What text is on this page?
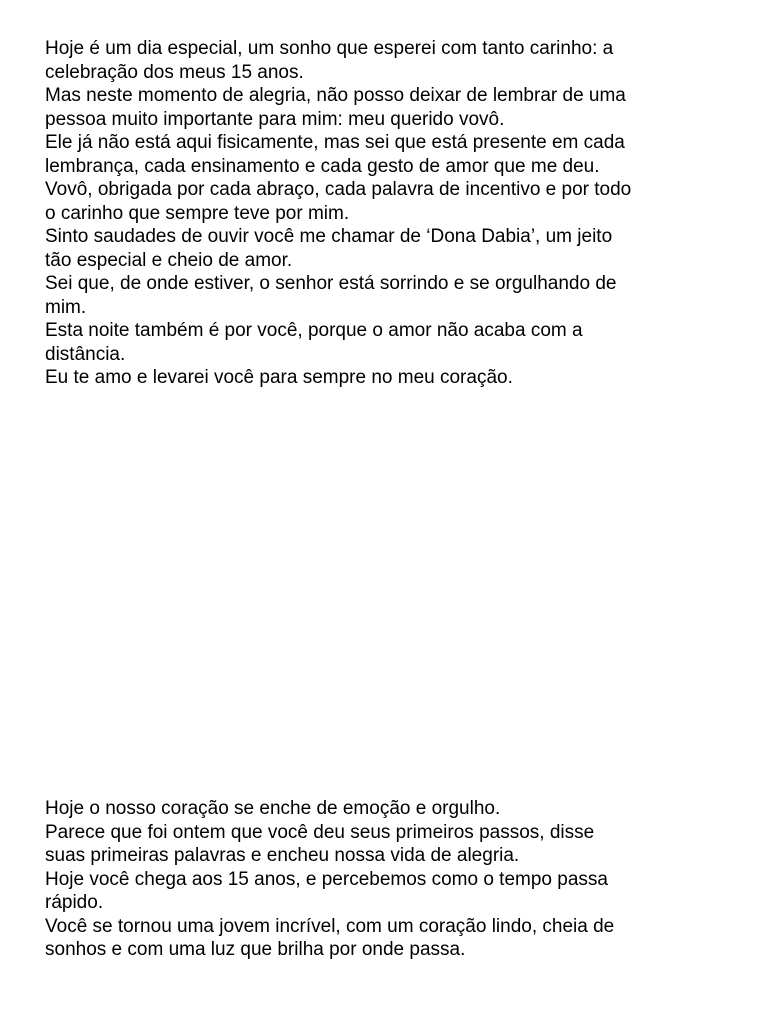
Hoje é um dia especial, um sonho que esperei com tanto carinho: a
celebração dos meus 15 anos.
Mas neste momento de alegria, não posso deixar de lembrar de uma
pessoa muito importante para mim: meu querido vovô.
Ele já não está aqui fisicamente, mas sei que está presente em cada
lembrança, cada ensinamento e cada gesto de amor que me deu.
Vovô, obrigada por cada abraço, cada palavra de incentivo e por todo
o carinho que sempre teve por mim.
Sinto saudades de ouvir você me chamar de ‘Dona Dabia’, um jeito
tão especial e cheio de amor.
Sei que, de onde estiver, o senhor está sorrindo e se orgulhando de
mim.
Esta noite também é por você, porque o amor não acaba com a
distância.
Eu te amo e levarei você para sempre no meu coração.
Hoje o nosso coração se enche de emoção e orgulho.
Parece que foi ontem que você deu seus primeiros passos, disse
suas primeiras palavras e encheu nossa vida de alegria.
Hoje você chega aos 15 anos, e percebemos como o tempo passa
rápido.
Você se tornou uma jovem incrível, com um coração lindo, cheia de
sonhos e com uma luz que brilha por onde passa.
